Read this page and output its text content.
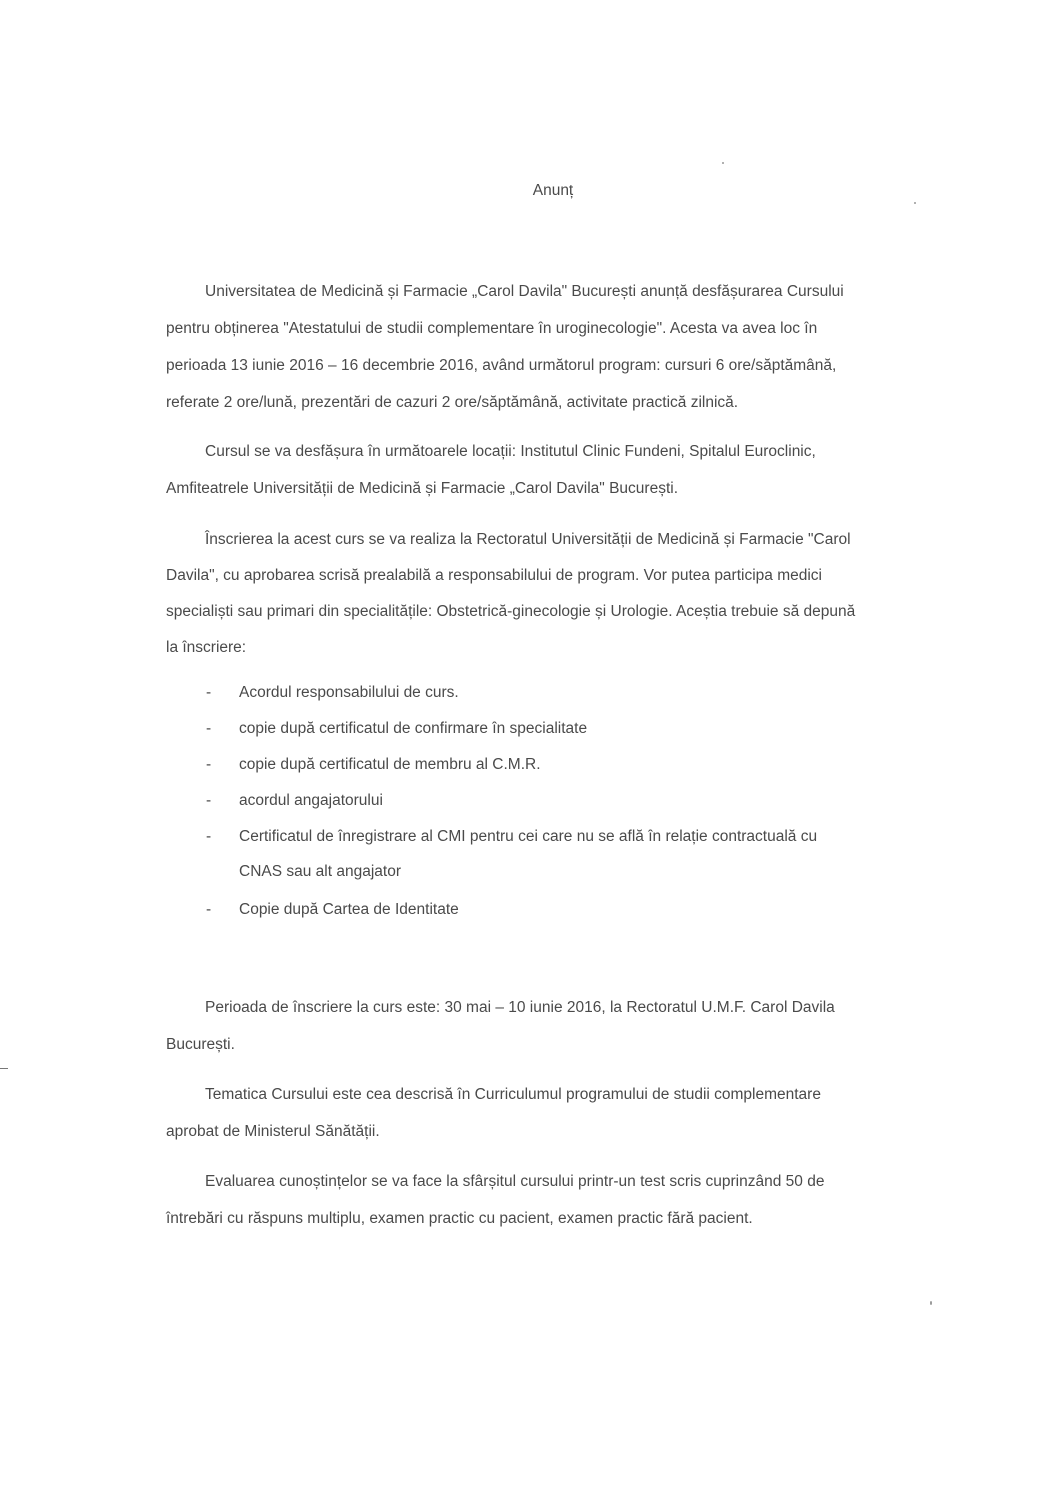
Anunț
Universitatea de Medicină și Farmacie „Carol Davila" București anunță desfășurarea Cursului
pentru obținerea "Atestatului de studii complementare în uroginecologie". Acesta va avea loc în
perioada 13 iunie 2016 – 16 decembrie 2016, având următorul program: cursuri 6 ore/săptămână,
referate 2 ore/lună, prezentări de cazuri 2 ore/săptămână, activitate practică zilnică.
Cursul se va desfășura în următoarele locații: Institutul Clinic Fundeni, Spitalul Euroclinic,
Amfiteatrele Universității de Medicină și Farmacie „Carol Davila" București.
Înscrierea la acest curs se va realiza la Rectoratul Universității de Medicină și Farmacie "Carol
Davila", cu aprobarea scrisă prealabilă a responsabilului de program. Vor putea participa medici
specialiști sau primari din specialitățile: Obstetrică-ginecologie și Urologie. Aceștia trebuie să depună
la înscriere:
- Acordul responsabilului de curs.
- copie după certificatul de confirmare în specialitate
- copie după certificatul de membru al C.M.R.
- acordul angajatorului
- Certificatul de înregistrare al CMI pentru cei care nu se află în relație contractuală cu
CNAS sau alt angajator
- Copie după Cartea de Identitate
Perioada de înscriere la curs este: 30 mai – 10 iunie 2016, la Rectoratul U.M.F. Carol Davila
București.
Tematica Cursului este cea descrisă în Curriculumul programului de studii complementare
aprobat de Ministerul Sănătății.
Evaluarea cunoștințelor se va face la sfârșitul cursului printr-un test scris cuprinzând 50 de
întrebări cu răspuns multiplu, examen practic cu pacient, examen practic fără pacient.
